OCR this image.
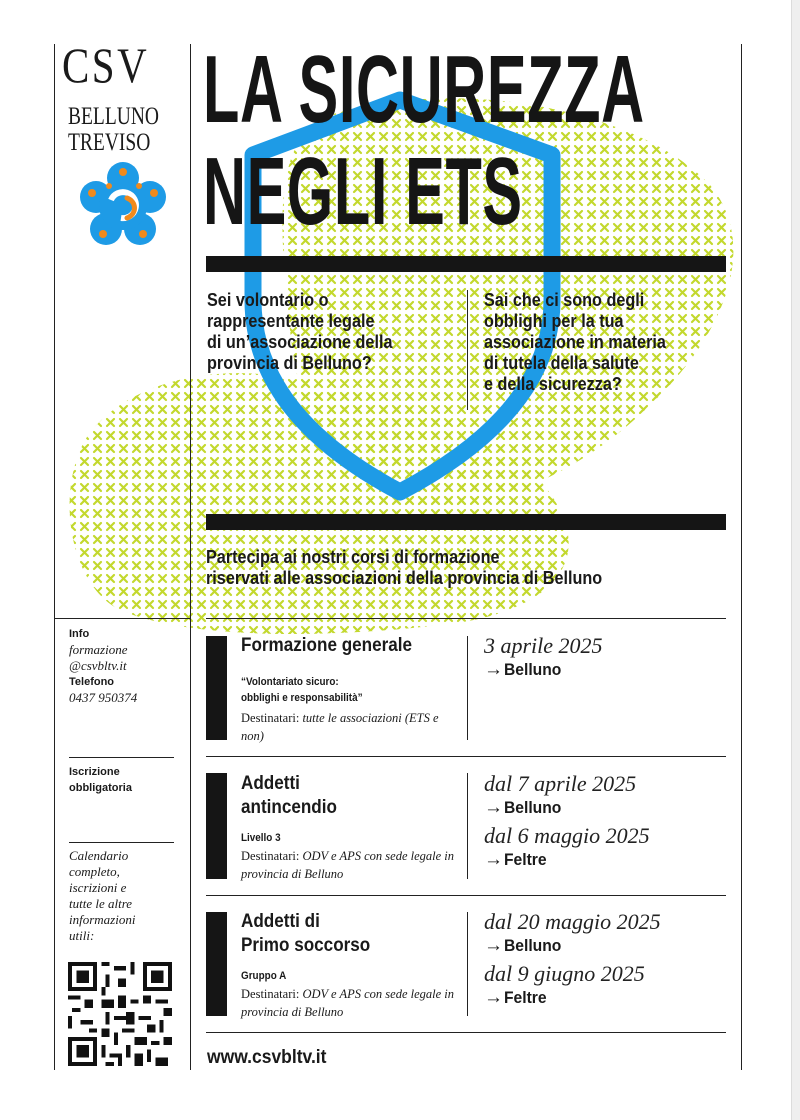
CSV
BELLUNO
TREVISO LA SICUREZZA
NEGLI ETS
Sei volontario o
rappresentante legale
di un’associazione della
provincia di Belluno?
Sai che ci sono degli
obblighi per la tua
associazione in materia
di tutela della salute
e della sicurezza?
Partecipa ai nostri corsi di formazione
riservati alle associazioni della provincia di Belluno
Info
formazione
@csvbltv.it
Telefono
0437 950374
Iscrizione
obbligatoria
Calendario
completo,
iscrizioni e
tutte le altre
informazioni
utili:
Formazione generale
“Volontariato sicuro:
obblighi e responsabilità”
Destinatari: tutte le associazioni (ETS e non)
3 aprile 2025
→Belluno
Addetti
antincendio
Livello 3
Destinatari: ODV e APS con sede legale in provincia di Belluno
dal 7 aprile 2025
→Belluno
dal 6 maggio 2025
→Feltre
Addetti di
Primo soccorso
Gruppo A
Destinatari: ODV e APS con sede legale in provincia di Belluno
dal 20 maggio 2025
→Belluno
dal 9 giugno 2025
→Feltre
www.csvbltv.it
